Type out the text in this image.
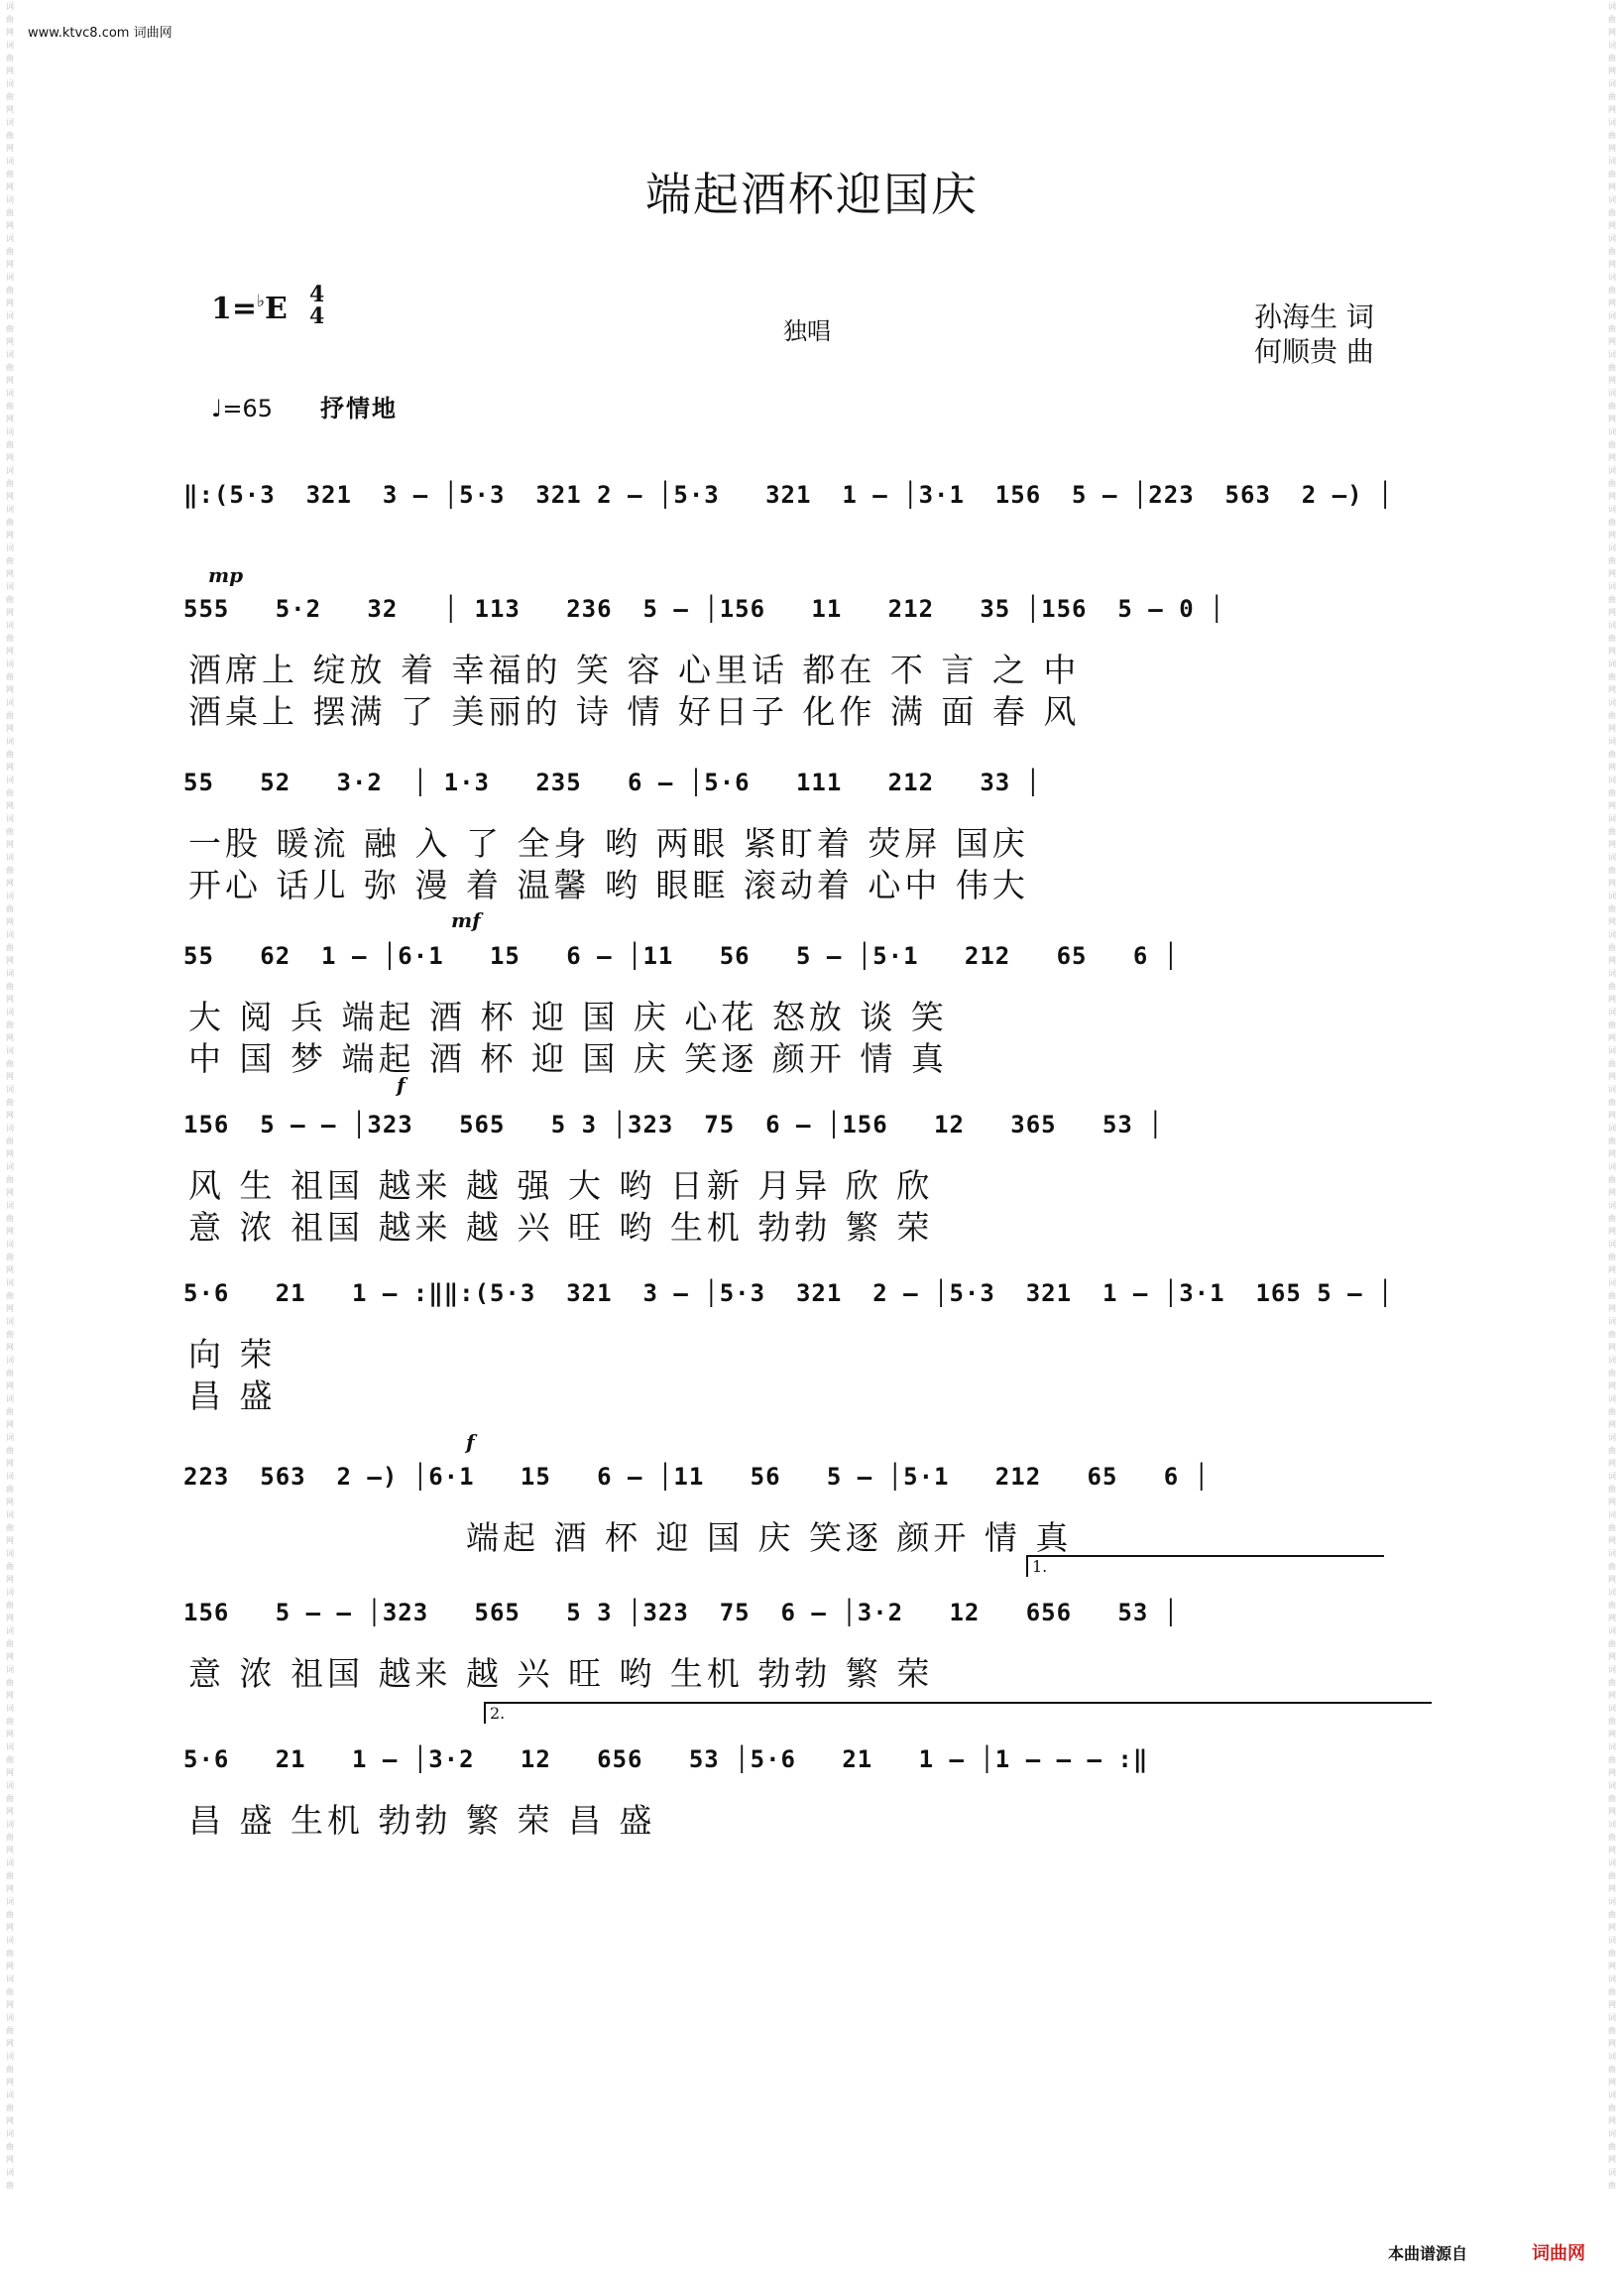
www.ktvc8.com 词曲网
词
曲
网
词
曲
网
词
曲
网
词
曲
网
词
曲
网
词
曲
网
词
曲
网
词
曲
网
词
曲
网
词
曲
网
词
曲
网
词
曲
网
词
曲
网
词
曲
网
词
曲
网
词
曲
网
词
曲
网
词
曲
网
词
曲
网
词
曲
网
词
曲
网
词
曲
网
词
曲
网
词
曲
网
词
曲
网
词
曲
网
词
曲
网
词
曲
网
词
曲
网
词
曲
网
词
曲
网
词
曲
网
词
曲
网
词
曲
网
词
曲
网
词
曲
网
词
曲
网
词
曲
网
词
曲
网
词
曲
网
词
曲
网
词
曲
网
词
曲
网
词
曲
网
词
曲
网
词
曲
网
词
曲
网
词
曲
网
词
曲
网
词
曲
网
词
曲
网
词
曲
网
词
曲
网
词
曲
网
词
曲
网
词
曲
网
词
曲
词
曲
网
词
曲
网
词
曲
网
词
曲
网
词
曲
网
词
曲
网
词
曲
网
词
曲
网
词
曲
网
词
曲
网
词
曲
网
词
曲
网
词
曲
网
词
曲
网
词
曲
网
词
曲
网
词
曲
网
词
曲
网
词
曲
网
词
曲
网
词
曲
网
词
曲
网
词
曲
网
词
曲
网
词
曲
网
词
曲
网
词
曲
网
词
曲
网
词
曲
网
词
曲
网
词
曲
网
词
曲
网
词
曲
网
词
曲
网
词
曲
网
词
曲
网
词
曲
网
词
曲
网
词
曲
网
词
曲
网
词
曲
网
词
曲
网
词
曲
网
词
曲
网
词
曲
网
词
曲
网
词
曲
网
词
曲
网
词
曲
网
词
曲
网
词
曲
网
词
曲
网
词
曲
网
词
曲
网
词
曲
网
词
曲
网
词
曲
端起酒杯迎国庆
1=♭E 4
4
独唱	孙海生 词
何顺贵 曲
♩=65 抒情地
mp
mf
f
f
1.
2.
‖:(5·3  321  3 – │5·3  321 2 – │5·3   321  1 – │3·1  156  5 – │223  563  2 –) │
555   5·2   32   │ 113   236  5 – │156   11   212   35 │156  5 – 0 │
酒席上 绽放 着 幸福的 笑 容 心里话 都在 不 言 之 中
酒桌上 摆满 了 美丽的 诗 情 好日子 化作 满 面 春 风
55   52   3·2  │ 1·3   235   6 – │5·6   111   212   33 │
一股 暖流 融 入 了 全身 哟 两眼 紧盯着 荧屏 国庆
开心 话儿 弥 漫 着 温馨 哟 眼眶 滚动着 心中 伟大
55   62  1 – │6·1   15   6 – │11   56   5 – │5·1   212   65   6 │
大 阅 兵 端起 酒 杯 迎 国 庆 心花 怒放 谈 笑
中 国 梦 端起 酒 杯 迎 国 庆 笑逐 颜开 情 真
156  5 – – │323   565   5 3 │323  75  6 – │156   12   365   53 │
风 生 祖国 越来 越 强 大 哟 日新 月异 欣 欣
意 浓 祖国 越来 越 兴 旺 哟 生机 勃勃 繁 荣
5·6   21   1 – :‖‖:(5·3  321  3 – │5·3  321  2 – │5·3  321  1 – │3·1  165 5 – │
向 荣
昌 盛
223  563  2 –) │6·1   15   6 – │11   56   5 – │5·1   212   65   6 │
端起 酒 杯 迎 国 庆 笑逐 颜开 情 真
156   5 – – │323   565   5 3 │323  75  6 – │3·2   12   656   53 │
意 浓 祖国 越来 越 兴 旺 哟 生机 勃勃 繁 荣
5·6   21   1 – │3·2   12   656   53 │5·6   21   1 – │1 – – – :‖
昌 盛 生机 勃勃 繁 荣 昌 盛
本曲谱源自	词曲网
